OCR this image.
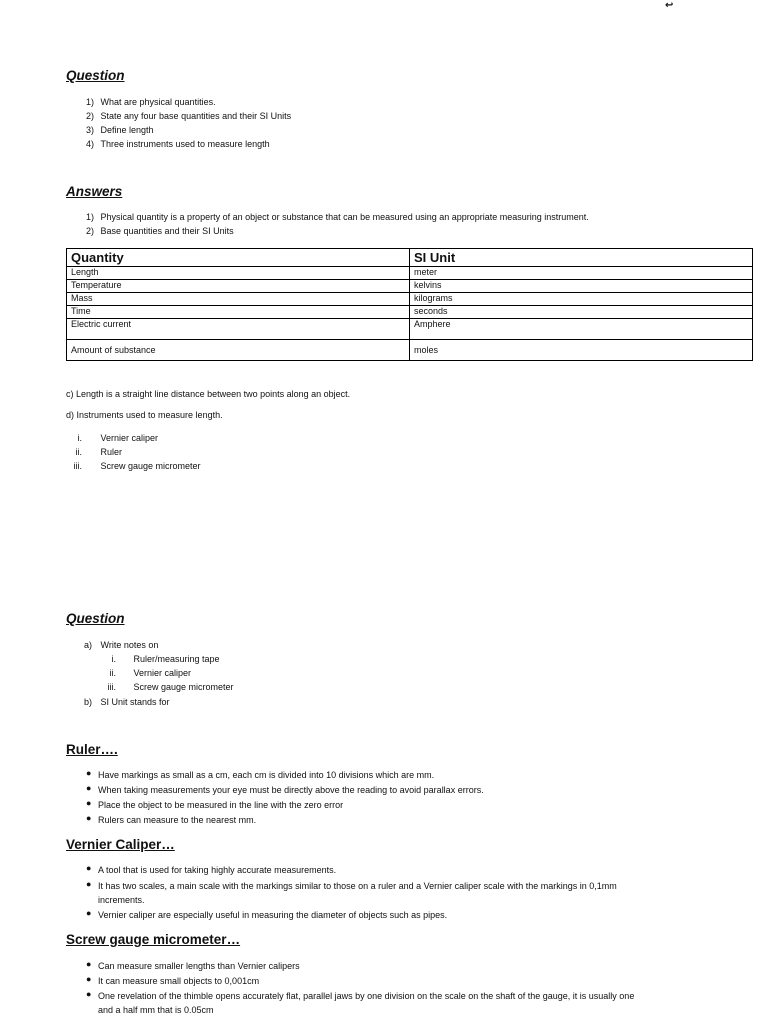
↩
Question
1) What are physical quantities.
2) State any four base quantities and their SI Units
3) Define length
4) Three instruments used to measure length
Answers
1) Physical quantity is a property of an object or substance that can be measured using an appropriate measuring instrument.
2) Base quantities and their SI Units
Quantity	SI Unit
Length	meter
Temperature	kelvins
Mass	kilograms
Time	seconds
Electric current	Amphere
Amount of substance	moles
c) Length is a straight line distance between two points along an object.
d) Instruments used to measure length.
i. Vernier caliper
ii. Ruler
iii. Screw gauge micrometer
Question
a) Write notes on
i. Ruler/measuring tape
ii. Vernier caliper
iii. Screw gauge micrometer
b) SI Unit stands for
Ruler….
● Have markings as small as a cm, each cm is divided into 10 divisions which are mm.
● When taking measurements your eye must be directly above the reading to avoid parallax errors.
● Place the object to be measured in the line with the zero error
● Rulers can measure to the nearest mm.
Vernier Caliper…
● A tool that is used for taking highly accurate measurements.
● It has two scales, a main scale with the markings similar to those on a ruler and a Vernier caliper scale with the markings in 0,1mm
increments.
● Vernier caliper are especially useful in measuring the diameter of objects such as pipes.
Screw gauge micrometer…
● Can measure smaller lengths than Vernier calipers
● It can measure small objects to 0,001cm
● One revelation of the thimble opens accurately flat, parallel jaws by one division on the scale on the shaft of the gauge, it is usually one
and a half mm that is 0.05cm
